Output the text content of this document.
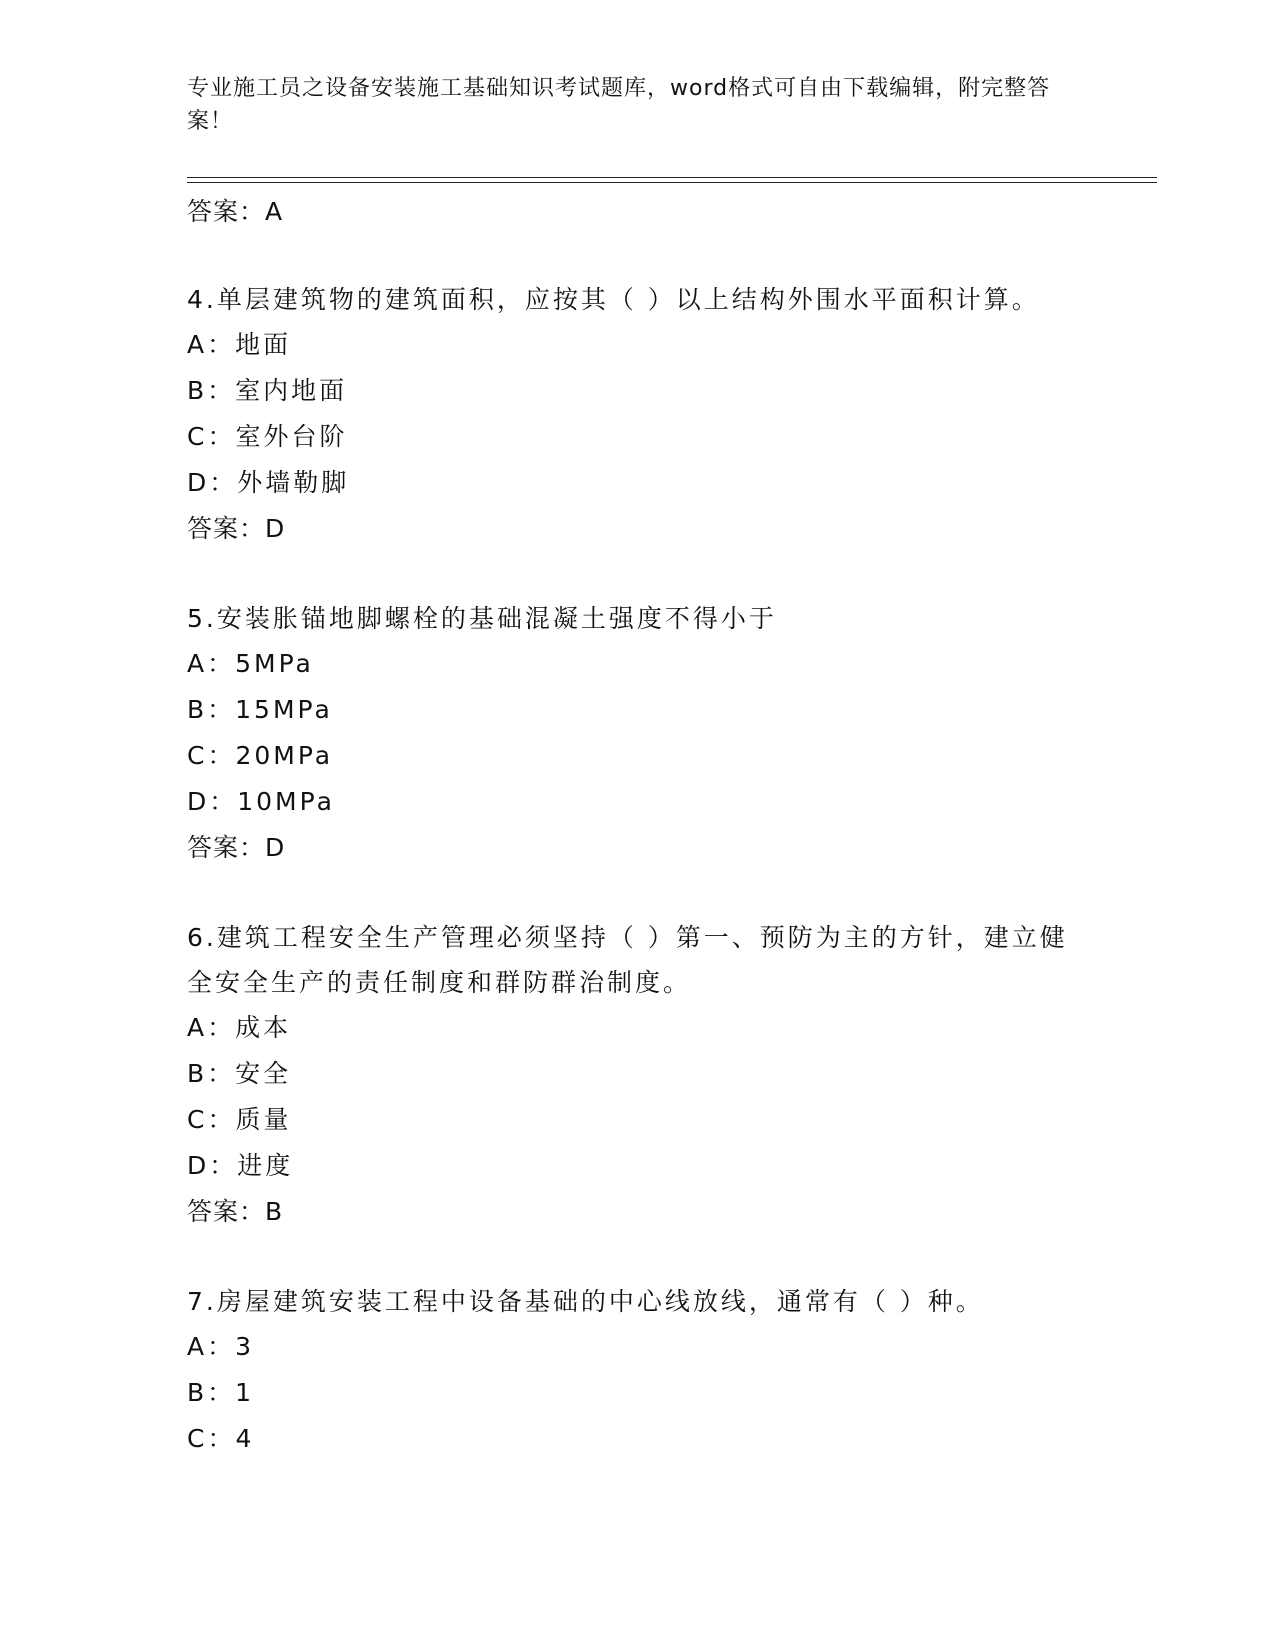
专业施工员之设备安装施工基础知识考试题库，word格式可自由下载编辑，附完整答案！
答案：A
4.单层建筑物的建筑面积，应按其（ ）以上结构外围水平面积计算。
A：地面
B：室内地面
C：室外台阶
D：外墙勒脚
答案：D
5.安装胀锚地脚螺栓的基础混凝土强度不得小于
A：5MPa
B：15MPa
C：20MPa
D：10MPa
答案：D
6.建筑工程安全生产管理必须坚持（ ）第一、预防为主的方针，建立健全安全生产的责任制度和群防群治制度。
A：成本
B：安全
C：质量
D：进度
答案：B
7.房屋建筑安装工程中设备基础的中心线放线，通常有（ ）种。
A：3
B：1
C：4
